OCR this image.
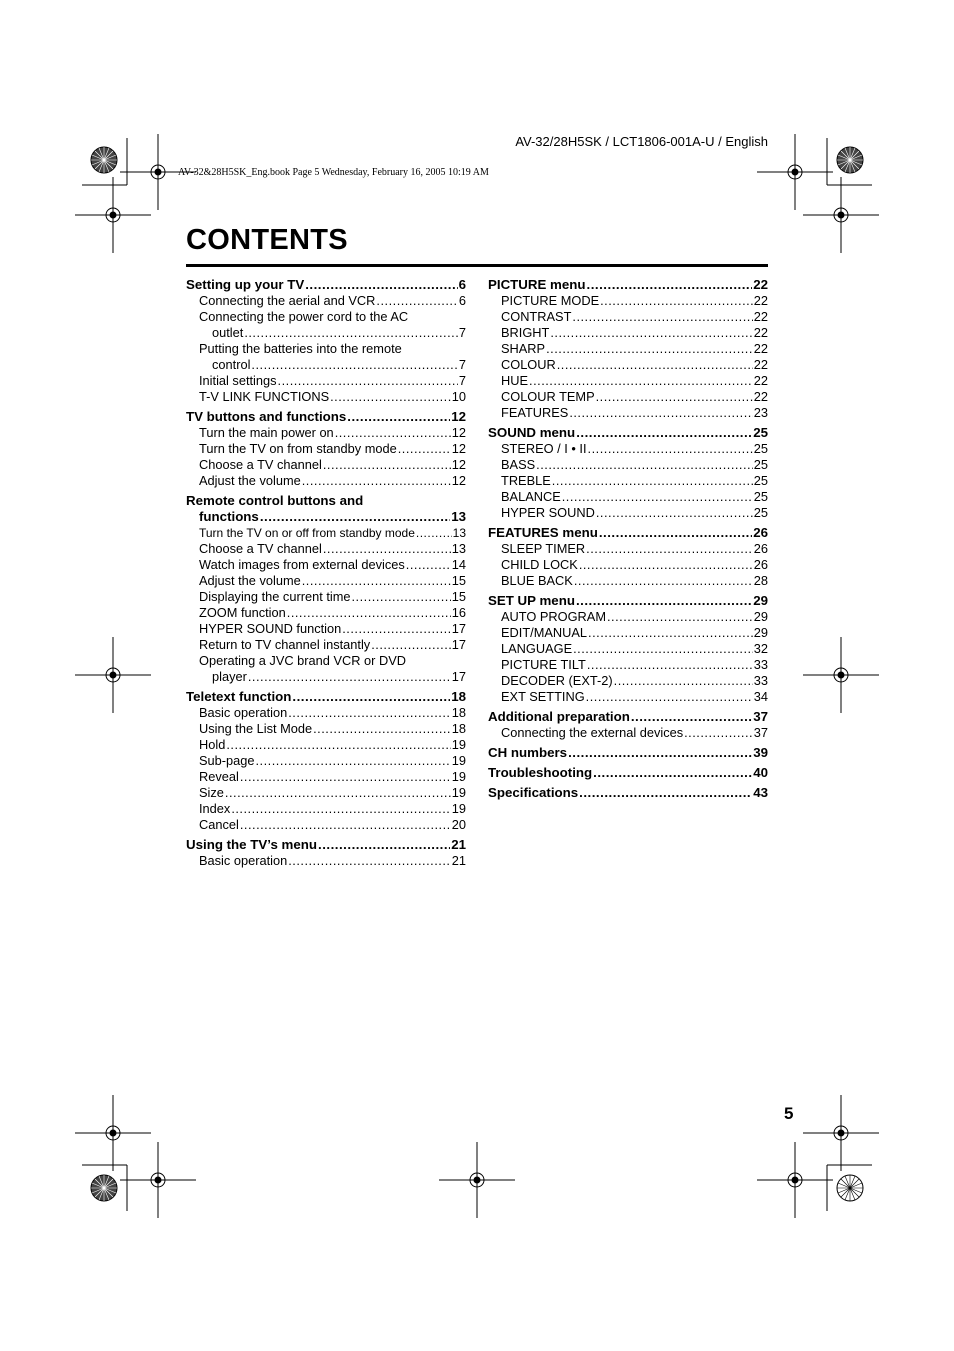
AV-32/28H5SK / LCT1806-001A-U / English
AV-32&28H5SK_Eng.book Page 5 Wednesday, February 16, 2005 10:19 AM
CONTENTS
Setting up your TV .....	6
Connecting the aerial and VCR .....	6
Connecting the power cord to the AC
outlet .....	7
Putting the batteries into the remote
control .....	7
Initial settings .....	7
T-V LINK FUNCTIONS .....	10
TV buttons and functions .....	12
Turn the main power on .....	12
Turn the TV on from standby mode .....	12
Choose a TV channel .....	12
Adjust the volume .....	12
Remote control buttons and
functions .....	13
Turn the TV on or off from standby mode .....	13
Choose a TV channel .....	13
Watch images from external devices .....	14
Adjust the volume .....	15
Displaying the current time .....	15
ZOOM function .....	16
HYPER SOUND function .....	17
Return to TV channel instantly .....	17
Operating a JVC brand VCR or DVD
player .....	17
Teletext function .....	18
Basic operation .....	18
Using the List Mode .....	18
Hold .....	19
Sub-page .....	19
Reveal .....	19
Size .....	19
Index .....	19
Cancel .....	20
Using the TV’s menu .....	21
Basic operation .....	21
PICTURE menu .....	22
PICTURE MODE .....	22
CONTRAST .....	22
BRIGHT .....	22
SHARP .....	22
COLOUR .....	22
HUE .....	22
COLOUR TEMP .....	22
FEATURES .....	23
SOUND menu .....	25
STEREO / I • II .....	25
BASS .....	25
TREBLE .....	25
BALANCE .....	25
HYPER SOUND .....	25
FEATURES menu .....	26
SLEEP TIMER .....	26
CHILD LOCK .....	26
BLUE BACK .....	28
SET UP menu .....	29
AUTO PROGRAM .....	29
EDIT/MANUAL .....	29
LANGUAGE .....	32
PICTURE TILT .....	33
DECODER (EXT-2) .....	33
EXT SETTING .....	34
Additional preparation .....	37
Connecting the external devices .....	37
CH numbers .....	39
Troubleshooting .....	40
Specifications .....	43
5
